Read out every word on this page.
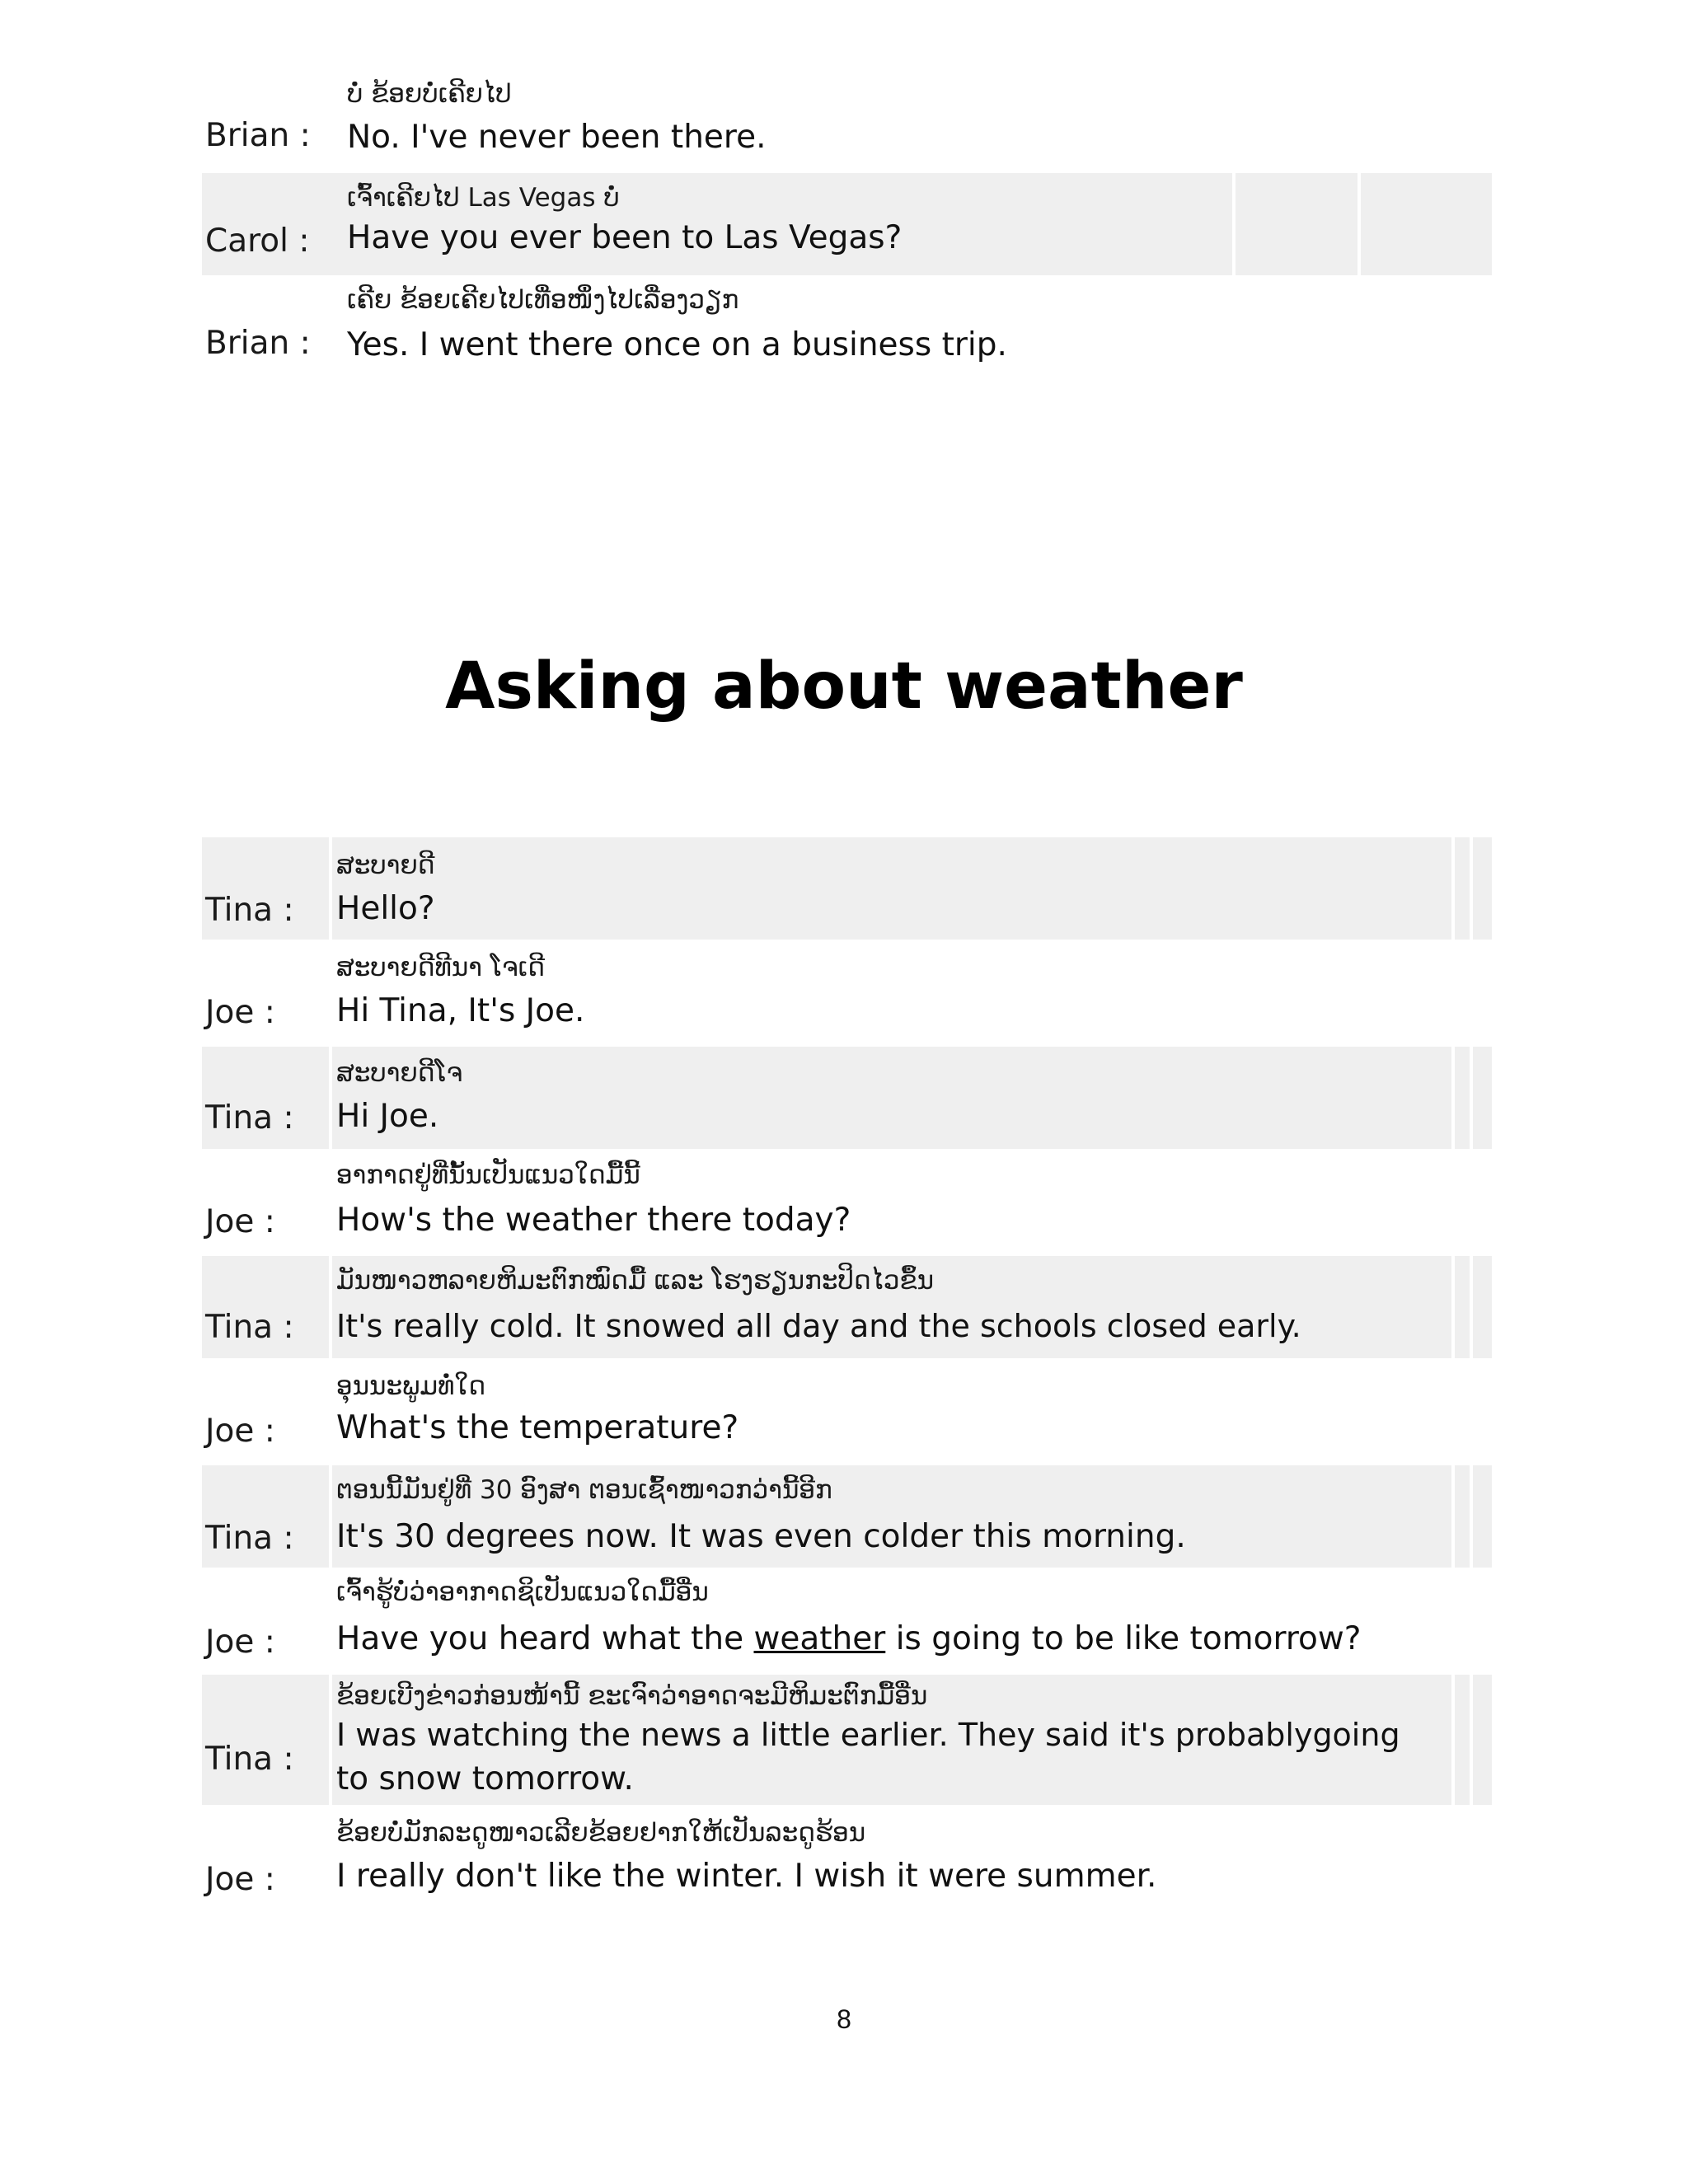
ບໍ່ ຂ້ອຍບໍ່ເຄີຍໄປ
Brian : No. I've never been there.
ເຈົ້າເຄີຍໄປ Las Vegas ບໍ່
Carol : Have you ever been to Las Vegas?
ເຄີຍ ຂ້ອຍເຄີຍໄປເທື່ອໜຶ່ງໄປເລື່ອງວຽກ
Brian : Yes. I went there once on a business trip.
Asking about weather
ສະບາຍດີ
Tina : Hello?
ສະບາຍດີທີນາ ໂຈເດີ
Joe : Hi Tina, It's Joe.
ສະບາຍດີໂຈ
Tina : Hi Joe.
ອາກາດຢູ່ທີ່ນັ້ນເປັນແນວໃດມື້ນີ້
Joe : How's the weather there today?
ມັນໜາວຫລາຍຫິມະຕົກໝົດມື້ ແລະ ໂຮງຮຽນກະປິດໄວຂຶ້ນ
Tina : It's really cold. It snowed all day and the schools closed early.
ອຸນນະພູມທໍ່ໃດ
Joe : What's the temperature?
ຕອນນີ້ມັນຢູ່ທີ່ 30 ອົງສາ ຕອນເຊົ້າໜາວກວ່ານີ້ອີກ
Tina : It's 30 degrees now. It was even colder this morning.
ເຈົ້າຮູ້ບໍ່ວ່າອາກາດຊິເປັນແນວໃດມື້ອື່ນ
Joe : Have you heard what the weather is going to be like tomorrow?
ຂ້ອຍເບີງຂ່າວກ່ອນໜ້ານີ້ ຂະເຈົາວ່າອາດຈະມີຫິມະຕົກມື້ອື່ນ
Tina :
I was watching the news a little earlier. They said it's probablygoing
to snow tomorrow.
ຂ້ອຍບໍ່ມັກລະດູໜາວເລີຍຂ້ອຍຢາກໃຫ້ເປັນລະດູຮ້ອນ
Joe : I really don't like the winter. I wish it were summer.
8
